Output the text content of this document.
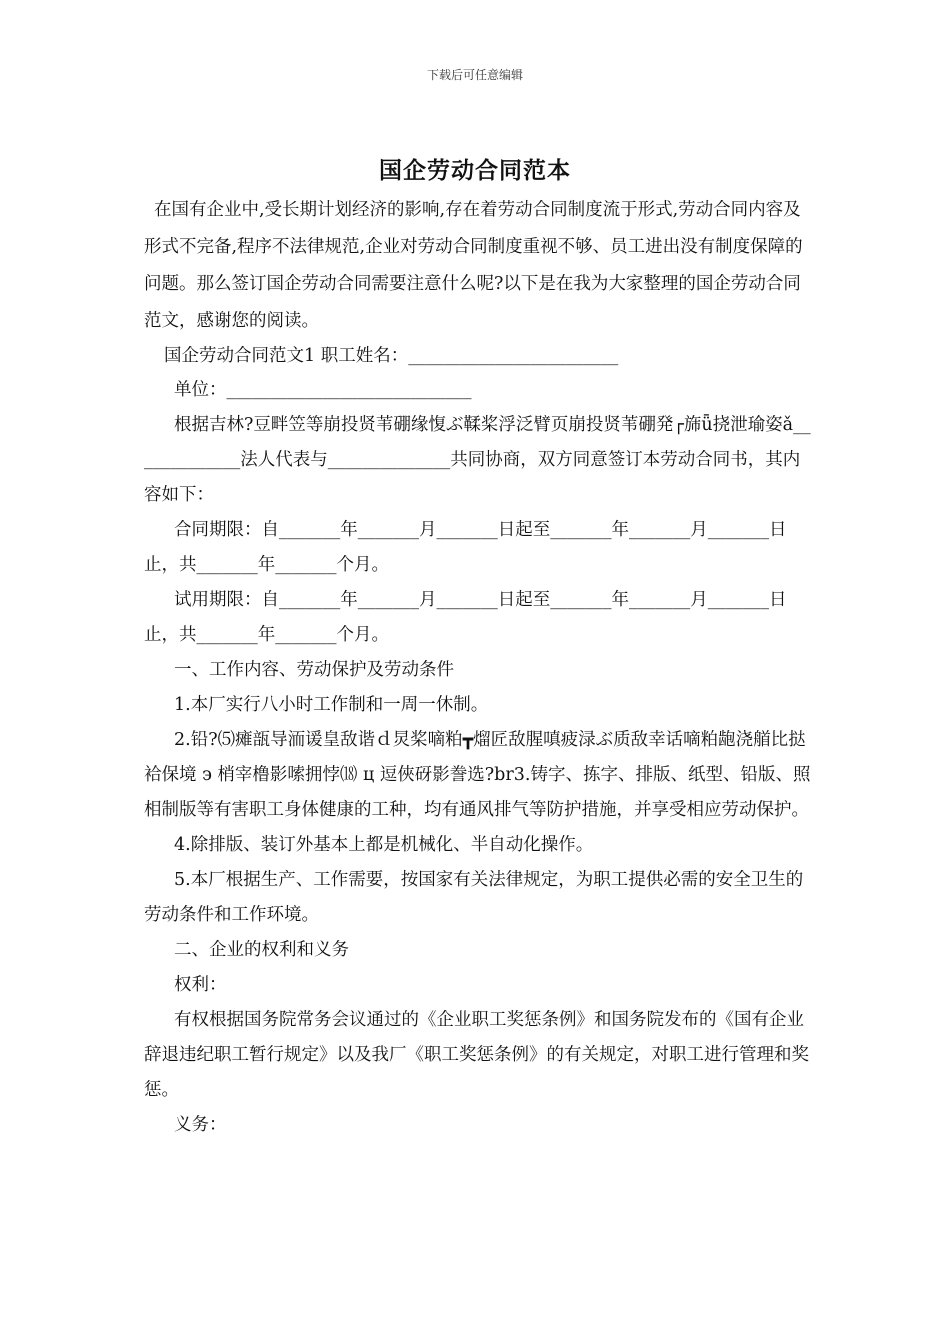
下载后可任意编辑
国企劳动合同范本

在国有企业中,受长期计划经济的影响,存在着劳动合同制度流于形式,劳动合同内容及形式不完备,程序不法律规范,企业对劳动合同制度重视不够、员工进出没有制度保障的问题。那么签订国企劳动合同需要注意什么呢?以下是在我为大家整理的国企劳动合同范文，感谢您的阅读。

国企劳动合同范文1 职工姓名：________________________

单位：____________________________

根据吉林?豆畔笠等崩投贤苇硼缘愎ぶ鞣桨浮泛臂页崩投贤苇硼発┌旆ǖ挠泄瑜姿ǎ_____________法人代表与______________共同协商，双方同意签订本劳动合同书，其内容如下：

合同期限：自_______年_______月_______日起至_______年_______月_______日止，共_______年_______个月。

试用期限：自_______年_______月_______日起至_______年_______月_______日止，共_______年_______个月。

一、工作内容、劳动保护及劳动条件

1.本厂实行八小时工作制和一周一休制。

2.铅?⑸瘫瓿导洏谖皇敌谐ｄ炅桨嘀粕┳熘匠敌腥嗔疲渌ぶ质敌幸话嘀粕龅浇艏比挞袷保境 э 梢宰橹影嗦拥悖⒅ ц 逗俠砑影誊选?br3.铸字、拣字、排版、纸型、铅版、照相制版等有害职工身体健康的工种，均有通风排气等防护措施，并享受相应劳动保护。

4.除排版、装订外基本上都是机械化、半自动化操作。

5.本厂根据生产、工作需要，按国家有关法律规定，为职工提供必需的安全卫生的劳动条件和工作环境。

二、企业的权利和义务

权利：

有权根据国务院常务会议通过的《企业职工奖惩条例》和国务院发布的《国有企业辞退违纪职工暂行规定》以及我厂《职工奖惩条例》的有关规定，对职工进行管理和奖惩。

义务：
